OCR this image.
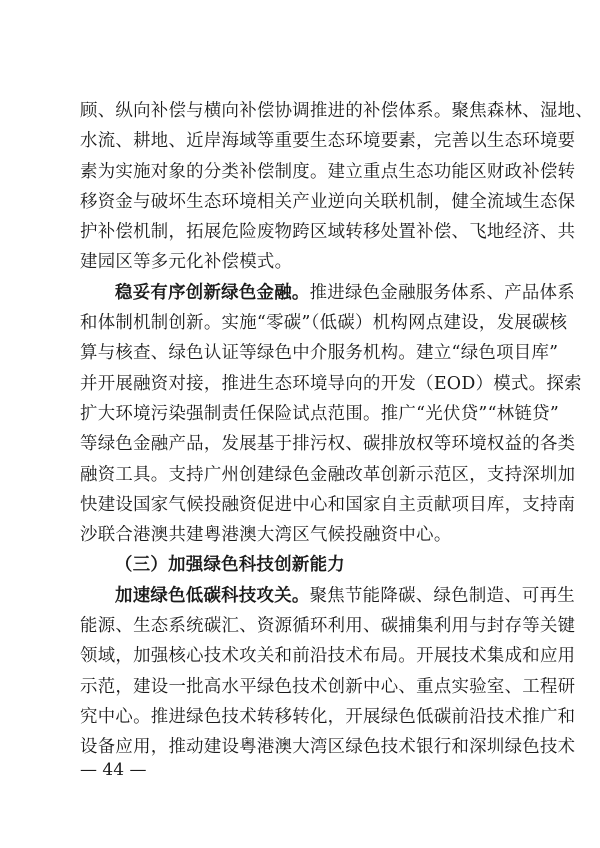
顾、纵向补偿与横向补偿协调推进的补偿体系。聚焦森林、湿地、
水流、耕地、近岸海域等重要生态环境要素，完善以生态环境要
素为实施对象的分类补偿制度。建立重点生态功能区财政补偿转
移资金与破坏生态环境相关产业逆向关联机制，健全流域生态保
护补偿机制，拓展危险废物跨区域转移处置补偿、飞地经济、共
建园区等多元化补偿模式。
稳妥有序创新绿色金融。推进绿色金融服务体系、产品体系
和体制机制创新。实施“零碳”（低碳）机构网点建设，发展碳核
算与核查、绿色认证等绿色中介服务机构。建立“绿色项目库”
并开展融资对接，推进生态环境导向的开发（EOD）模式。探索
扩大环境污染强制责任保险试点范围。推广“光伏贷”“林链贷”
等绿色金融产品，发展基于排污权、碳排放权等环境权益的各类
融资工具。支持广州创建绿色金融改革创新示范区，支持深圳加
快建设国家气候投融资促进中心和国家自主贡献项目库，支持南
沙联合港澳共建粤港澳大湾区气候投融资中心。
（三）加强绿色科技创新能力
加速绿色低碳科技攻关。聚焦节能降碳、绿色制造、可再生
能源、生态系统碳汇、资源循环利用、碳捕集利用与封存等关键
领域，加强核心技术攻关和前沿技术布局。开展技术集成和应用
示范，建设一批高水平绿色技术创新中心、重点实验室、工程研
究中心。推进绿色技术转移转化，开展绿色低碳前沿技术推广和
设备应用，推动建设粤港澳大湾区绿色技术银行和深圳绿色技术
— 44 —
